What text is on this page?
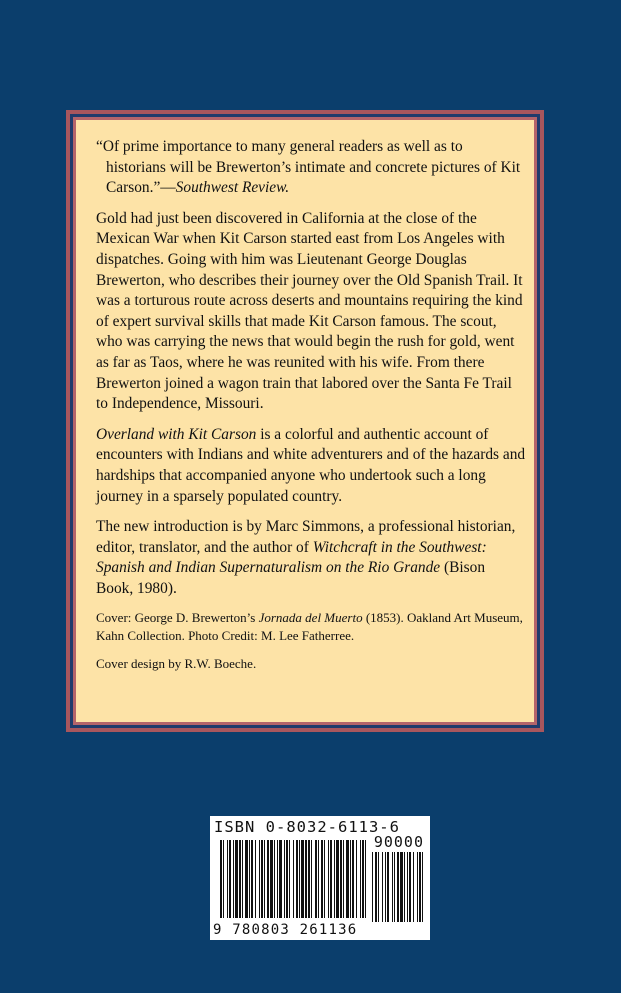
“Of prime importance to many general readers as well as to historians will be Brewerton’s intimate and concrete pictures of Kit Carson.”—Southwest Review.

Gold had just been discovered in California at the close of the Mexican War when Kit Carson started east from Los Angeles with dispatches. Going with him was Lieutenant George Douglas Brewerton, who describes their journey over the Old Spanish Trail. It was a torturous route across deserts and mountains requiring the kind of expert survival skills that made Kit Carson famous. The scout, who was carrying the news that would begin the rush for gold, went as far as Taos, where he was reunited with his wife. From there Brewerton joined a wagon train that labored over the Santa Fe Trail to Independence, Missouri.

Overland with Kit Carson is a colorful and authentic account of encounters with Indians and white adventurers and of the hazards and hardships that accompanied anyone who undertook such a long journey in a sparsely populated country.

The new introduction is by Marc Simmons, a professional historian, editor, translator, and the author of Witchcraft in the Southwest: Spanish and Indian Supernaturalism on the Rio Grande (Bison Book, 1980).

Cover: George D. Brewerton’s Jornada del Muerto (1853). Oakland Art Museum, Kahn Collection. Photo Credit: M. Lee Fatherree.

Cover design by R.W. Boeche.

ISBN 0-8032-6113-6
90000
9 780803 261136
